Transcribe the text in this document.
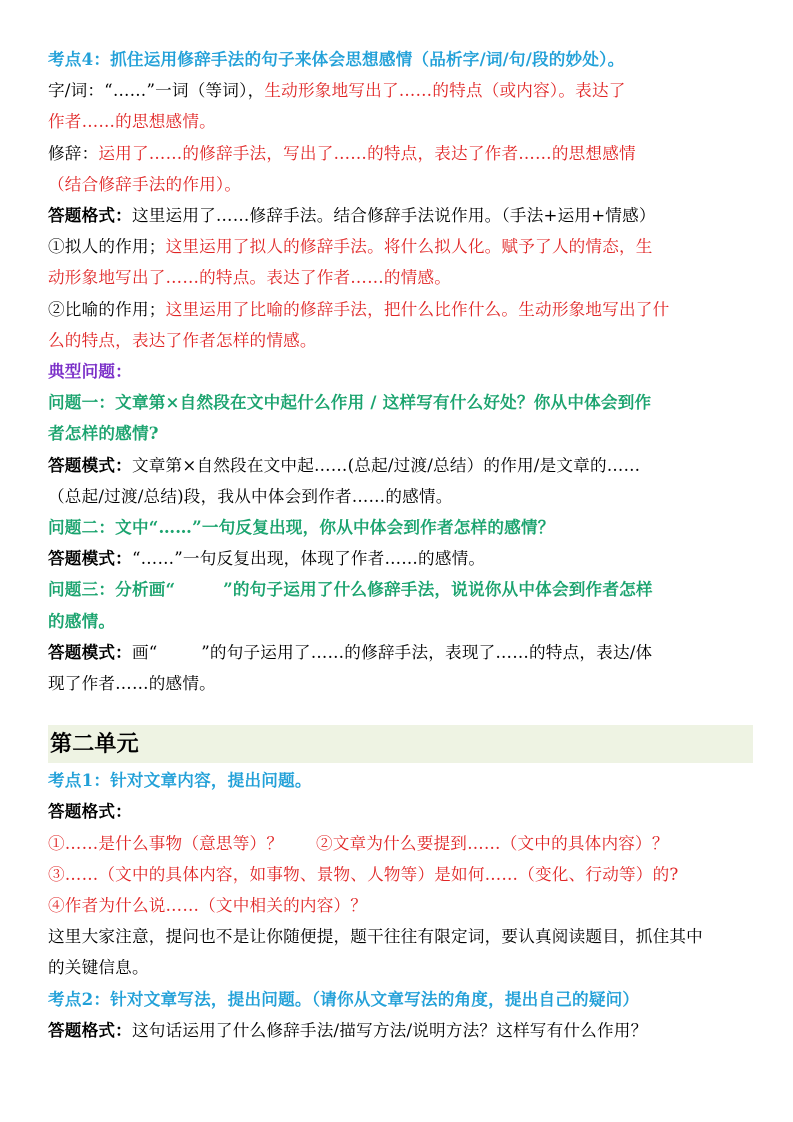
考点4：抓住运用修辞手法的句子来体会思想感情（品析字/词/句/段的妙处）。
字/词：“……”一词（等词），生动形象地写出了……的特点（或内容）。表达了
作者……的思想感情。
修辞：运用了……的修辞手法，写出了……的特点，表达了作者……的思想感情
（结合修辞手法的作用）。
答题格式：这里运用了……修辞手法。结合修辞手法说作用。（手法+运用+情感）
①拟人的作用；这里运用了拟人的修辞手法。将什么拟人化。赋予了人的情态，生
动形象地写出了……的特点。表达了作者……的情感。
②比喻的作用；这里运用了比喻的修辞手法，把什么比作什么。生动形象地写出了什
么的特点，表达了作者怎样的情感。
典型问题：
问题一：文章第×自然段在文中起什么作用 / 这样写有什么好处？你从中体会到作
者怎样的感情?
答题模式：文章第×自然段在文中起……(总起/过渡/总结）的作用/是文章的……
（总起/过渡/总结)段，我从中体会到作者……的感情。
问题二：文中“……”一句反复出现，你从中体会到作者怎样的感情？
答题模式：“……”一句反复出现，体现了作者……的感情。
问题三：分析画“        ”的句子运用了什么修辞手法，说说你从中体会到作者怎样
的感情。
答题模式：画“        ”的句子运用了……的修辞手法，表现了……的特点，表达/体
现了作者……的感情。
第二单元
考点1：针对文章内容，提出问题。
答题格式：
①……是什么事物（意思等）？      ②文章为什么要提到……（文中的具体内容）？
③……（文中的具体内容，如事物、景物、人物等）是如何……（变化、行动等）的?
④作者为什么说……（文中相关的内容）？
这里大家注意，提问也不是让你随便提，题干往往有限定词，要认真阅读题目，抓住其中
的关键信息。
考点2：针对文章写法，提出问题。（请你从文章写法的角度，提出自己的疑问）
答题格式：这句话运用了什么修辞手法/描写方法/说明方法？这样写有什么作用？
